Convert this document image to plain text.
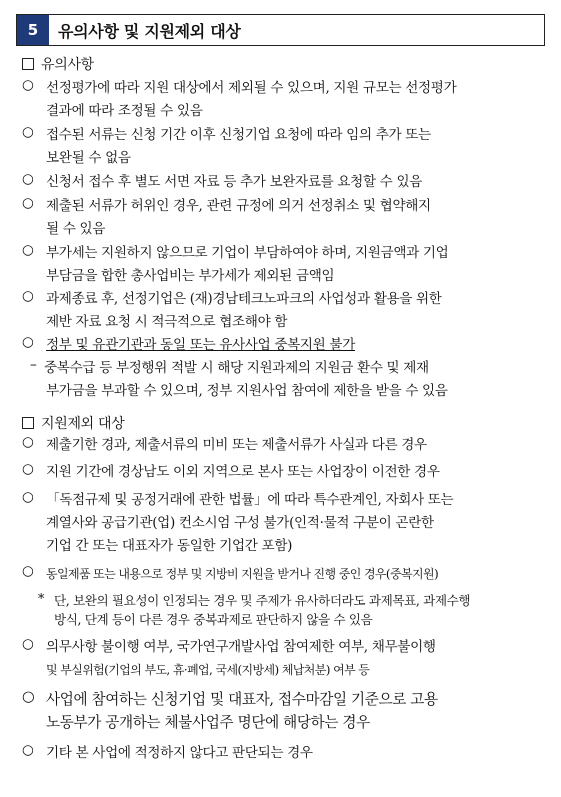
5	유의사항 및 지원제외 대상
유의사항
○ 선정평가에 따라 지원 대상에서 제외될 수 있으며, 지원 규모는 선정평가
결과에 따라 조정될 수 있음
○ 접수된 서류는 신청 기간 이후 신청기업 요청에 따라 임의 추가 또는
보완될 수 없음
○ 신청서 접수 후 별도 서면 자료 등 추가 보완자료를 요청할 수 있음
○ 제출된 서류가 허위인 경우, 관련 규정에 의거 선정취소 및 협약해지
될 수 있음
○ 부가세는 지원하지 않으므로 기업이 부담하여야 하며, 지원금액과 기업
부담금을 합한 총사업비는 부가세가 제외된 금액임
○ 과제종료 후, 선정기업은 (재)경남테크노파크의 사업성과 활용을 위한
제반 자료 요청 시 적극적으로 협조해야 함
○ 정부 및 유관기관과 동일 또는 유사사업 중복지원 불가
– 중복수급 등 부정행위 적발 시 해당 지원과제의 지원금 환수 및 제재
부가금을 부과할 수 있으며, 정부 지원사업 참여에 제한을 받을 수 있음
지원제외 대상
○ 제출기한 경과, 제출서류의 미비 또는 제출서류가 사실과 다른 경우
○ 지원 기간에 경상남도 이외 지역으로 본사 또는 사업장이 이전한 경우
○ 「독점규제 및 공정거래에 관한 법률」에 따라 특수관계인, 자회사 또는
계열사와 공급기관(업) 컨소시엄 구성 불가(인적·물적 구분이 곤란한
기업 간 또는 대표자가 동일한 기업간 포함)
○	동일제품 또는 내용으로 정부 및 지방비 지원을 받거나 진행 중인 경우(중복지원)
* 단, 보완의 필요성이 인정되는 경우 및 주제가 유사하더라도 과제목표, 과제수행
방식, 단계 등이 다른 경우 중복과제로 판단하지 않을 수 있음
○ 의무사항 불이행 여부, 국가연구개발사업 참여제한 여부, 채무불이행
및 부실위험(기업의 부도, 휴·폐업, 국세(지방세) 체납처분) 여부 등
○ 사업에 참여하는 신청기업 및 대표자, 접수마감일 기준으로 고용
노동부가 공개하는 체불사업주 명단에 해당하는 경우
○ 기타 본 사업에 적정하지 않다고 판단되는 경우
